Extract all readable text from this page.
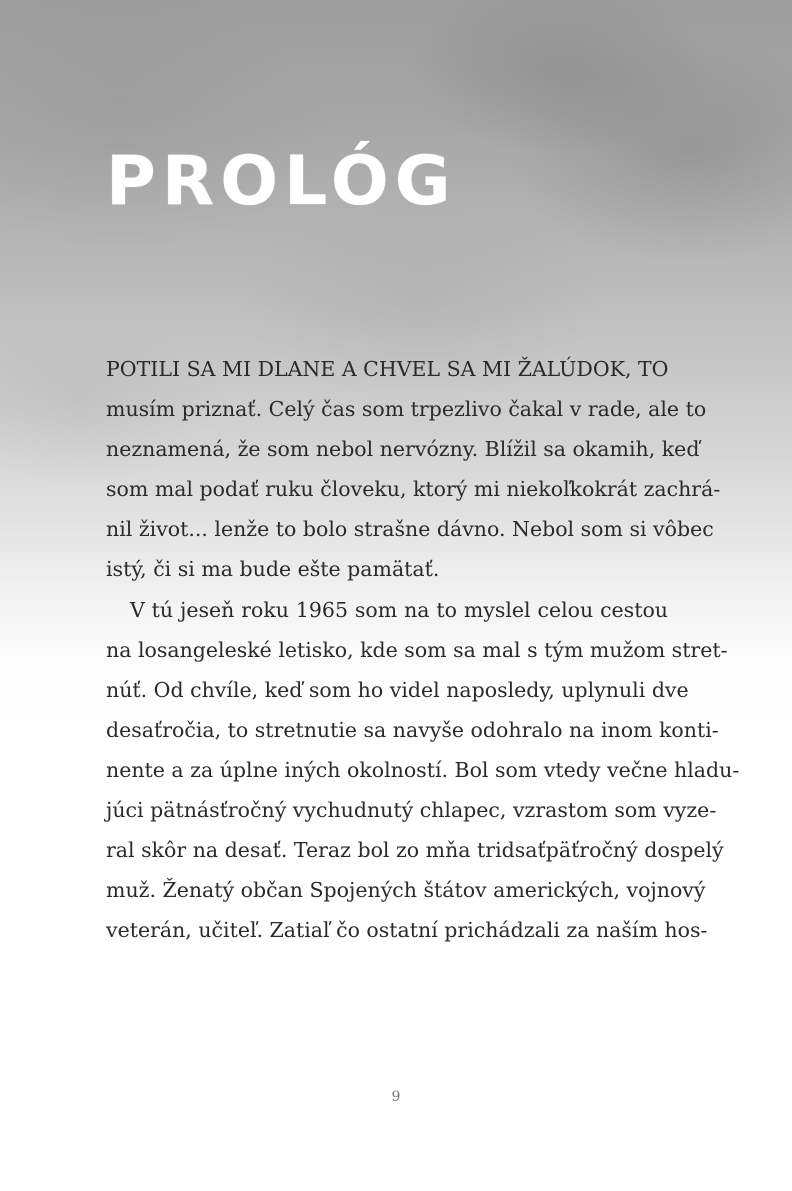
PROLÓG
POTILI SA MI DLANE A CHVEL SA MI ŽALÚDOK, TO
musím priznať. Celý čas som trpezlivo čakal v rade, ale to
neznamená, že som nebol nervózny. Blížil sa okamih, keď
som mal podať ruku človeku, ktorý mi niekoľkokrát zachrá-
nil život... lenže to bolo strašne dávno. Nebol som si vôbec
istý, či si ma bude ešte pamätať.
V tú jeseň roku 1965 som na to myslel celou cestou
na losangeleské letisko, kde som sa mal s tým mužom stret-
núť. Od chvíle, keď som ho videl naposledy, uplynuli dve
desaťročia, to stretnutie sa navyše odohralo na inom konti-
nente a za úplne iných okolností. Bol som vtedy večne hladu-
júci pätnásťročný vychudnutý chlapec, vzrastom som vyze-
ral skôr na desať. Teraz bol zo mňa tridsaťpäťročný dospelý
muž. Ženatý občan Spojených štátov amerických, vojnový
veterán, učiteľ. Zatiaľ čo ostatní prichádzali za naším hos-
9
